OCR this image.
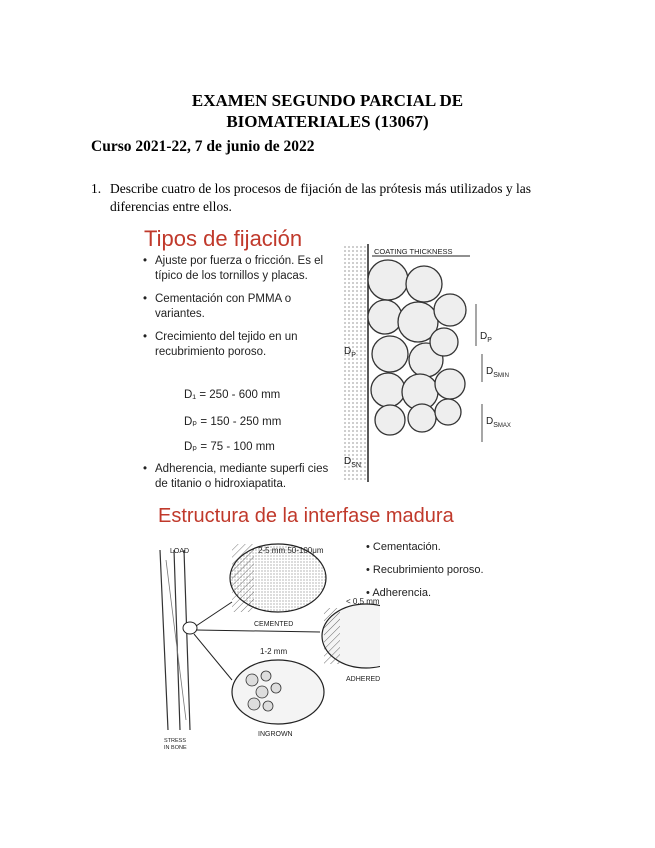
EXAMEN SEGUNDO PARCIAL DE
BIOMATERIALES (13067)
Curso 2021-22, 7 de junio de 2022
1. Describe cuatro de los procesos de fijación de las prótesis más utilizados y las diferencias entre ellos.
Tipos de fijación
• Ajuste por fuerza o fricción. Es el típico de los tornillos y placas.
• Cementación con PMMA o variantes.
• Crecimiento del tejido en un recubrimiento poroso.
D₁ = 250 - 600 mm
Dₚ = 150 - 250 mm
Dₚ = 75 - 100 mm
• Adherencia, mediante superfi cies de titanio o hidroxiapatita.
COATING THICKNESS
$D_P$
$D_SMIN$
$D_SMAX$
$D_P$
$D_{SN}$
Estructura de la interfase madura
• Cementación.
• Recubrimiento poroso.
• Adherencia.
LOAD	2-5 mm 50-100μm
CEMENTED
< 0,5 mm
ADHERED
1-2 mm
INGROWN
STRESS
IN BONE
